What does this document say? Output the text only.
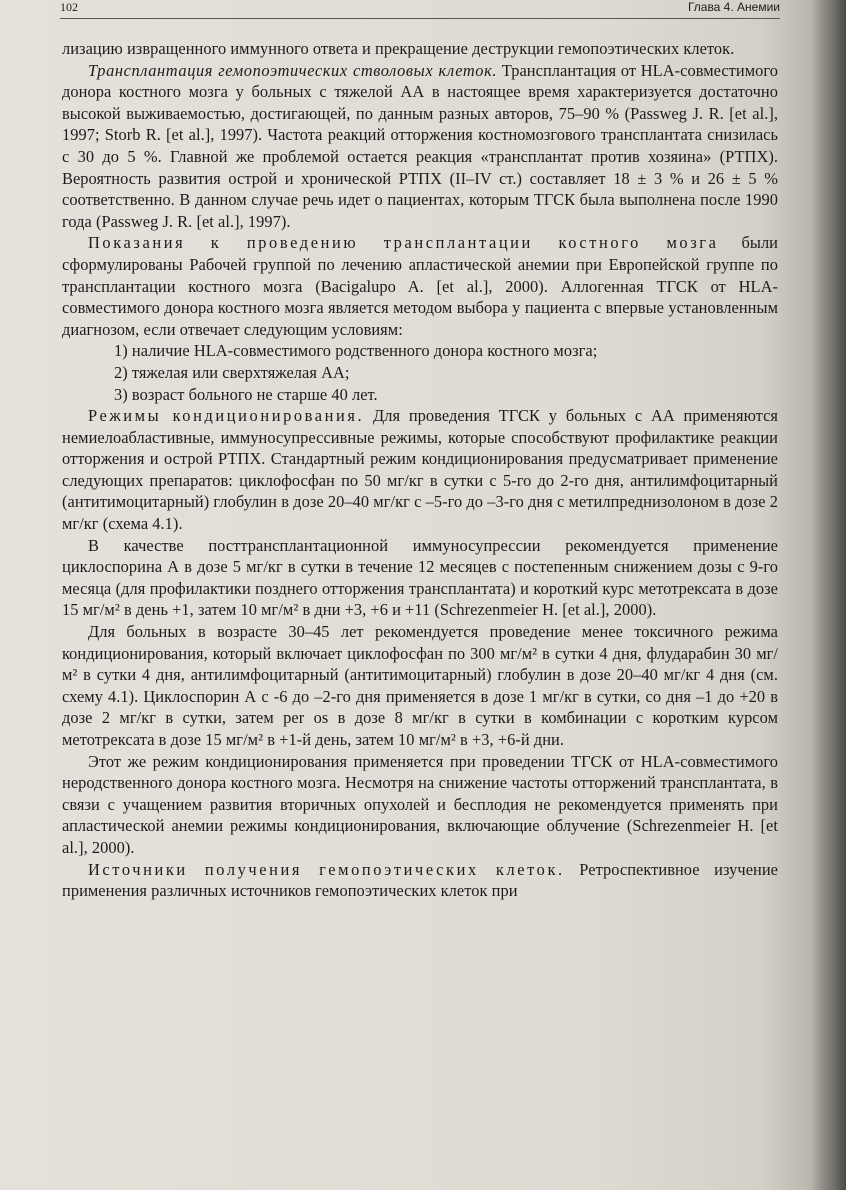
102	Глава 4. Анемии

лизацию извращенного иммунного ответа и прекращение деструкции гемопоэтических клеток.

Трансплантация гемопоэтических стволовых клеток. Трансплантация от HLA-совместимого донора костного мозга у больных с тяжелой АА в настоящее время характеризуется достаточно высокой выживаемостью, достигающей, по данным разных авторов, 75–90 % (Passweg J. R. [et al.], 1997; Storb R. [et al.], 1997). Частота реакций отторжения костномозгового трансплантата снизилась с 30 до 5 %. Главной же проблемой остается реакция «трансплантат против хозяина» (РТПХ). Вероятность развития острой и хронической РТПХ (II–IV ст.) составляет 18 ± 3 % и 26 ± 5 % соответственно. В данном случае речь идет о пациентах, которым ТГСК была выполнена после 1990 года (Passweg J. R. [et al.], 1997).

Показания к проведению трансплантации костного мозга были сформулированы Рабочей группой по лечению апластической анемии при Европейской группе по трансплантации костного мозга (Bacigalupo A. [et al.], 2000). Аллогенная ТГСК от HLA-совместимого донора костного мозга является методом выбора у пациента с впервые установленным диагнозом, если отвечает следующим условиям:

1) наличие HLA-совместимого родственного донора костного мозга;

2) тяжелая или сверхтяжелая АА;

3) возраст больного не старше 40 лет.

Режимы кондиционирования. Для проведения ТГСК у больных с АА применяются немиелоабластивные, иммуносупрессивные режимы, которые способствуют профилактике реакции отторжения и острой РТПХ. Стандартный режим кондиционирования предусматривает применение следующих препаратов: циклофосфан по 50 мг/кг в сутки с 5-го до 2-го дня, антилимфоцитарный (антитимоцитарный) глобулин в дозе 20–40 мг/кг с –5-го до –3-го дня с метилпреднизолоном в дозе 2 мг/кг (схема 4.1).

В качестве посттрансплантационной иммуносупрессии рекомендуется применение циклоспорина А в дозе 5 мг/кг в сутки в течение 12 месяцев с постепенным снижением дозы с 9-го месяца (для профилактики позднего отторжения трансплантата) и короткий курс метотрексата в дозе 15 мг/м² в день +1, затем 10 мг/м² в дни +3, +6 и +11 (Schrezenmeier H. [et al.], 2000).

Для больных в возрасте 30–45 лет рекомендуется проведение менее токсичного режима кондиционирования, который включает циклофосфан по 300 мг/м² в сутки 4 дня, флударабин 30 мг/м² в сутки 4 дня, антилимфоцитарный (антитимоцитарный) глобулин в дозе 20–40 мг/кг 4 дня (см. схему 4.1). Циклоспорин А с -6 до –2-го дня применяется в дозе 1 мг/кг в сутки, со дня –1 до +20 в дозе 2 мг/кг в сутки, затем per os в дозе 8 мг/кг в сутки в комбинации с коротким курсом метотрексата в дозе 15 мг/м² в +1-й день, затем 10 мг/м² в +3, +6-й дни.

Этот же режим кондиционирования применяется при проведении ТГСК от HLA-совместимого неродственного донора костного мозга. Несмотря на снижение частоты отторжений трансплантата, в связи с учащением развития вторичных опухолей и бесплодия не рекомендуется применять при апластической анемии режимы кондиционирования, включающие облучение (Schrezenmeier H. [et al.], 2000).

Источники получения гемопоэтических клеток. Ретроспективное изучение применения различных источников гемопоэтических клеток при
